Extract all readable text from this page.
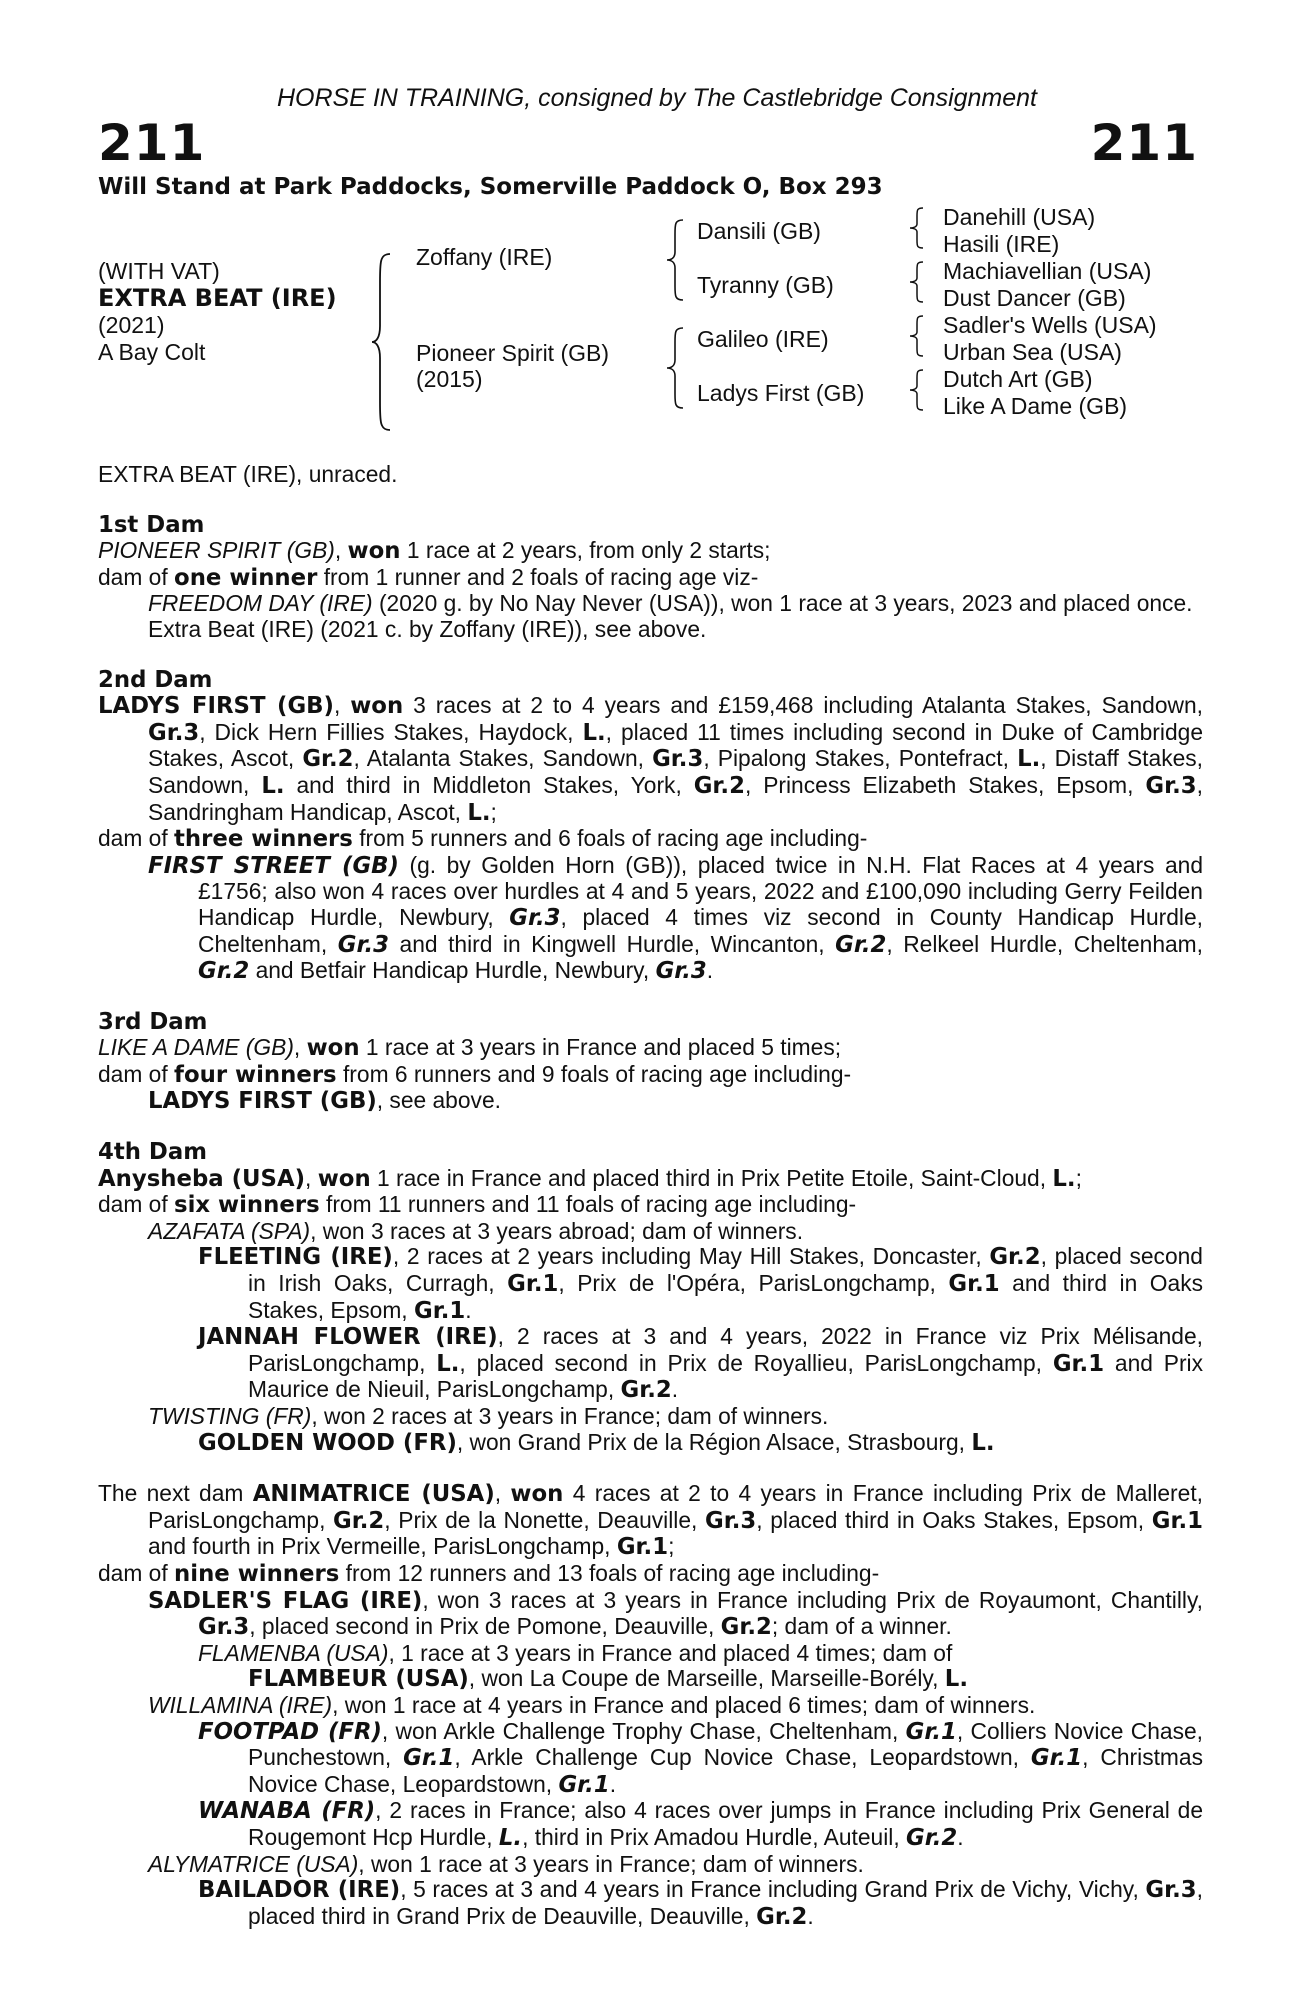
HORSE IN TRAINING, consigned by The Castlebridge Consignment
211	211
Will Stand at Park Paddocks, Somerville Paddock O, Box 293
(WITH VAT)
EXTRA BEAT (IRE)
(2021)
A Bay Colt
Zoffany (IRE)
Pioneer Spirit (GB)
(2015)
Dansili (GB)
Tyranny (GB)
Galileo (IRE)
Ladys First (GB)
Danehill (USA)
Hasili (IRE)
Machiavellian (USA)
Dust Dancer (GB)
Sadler's Wells (USA)
Urban Sea (USA)
Dutch Art (GB)
Like A Dame (GB)

EXTRA BEAT (IRE), unraced.

1st Dam

PIONEER SPIRIT (GB), won 1 race at 2 years, from only 2 starts;

dam of one winner from 1 runner and 2 foals of racing age viz-

FREEDOM DAY (IRE) (2020 g. by No Nay Never (USA)), won 1 race at 3 years, 2023 and placed once.

Extra Beat (IRE) (2021 c. by Zoffany (IRE)), see above.

2nd Dam

LADYS FIRST (GB), won 3 races at 2 to 4 years and £159,468 including Atalanta Stakes, Sandown, Gr.3, Dick Hern Fillies Stakes, Haydock, L., placed 11 times including second in Duke of Cambridge Stakes, Ascot, Gr.2, Atalanta Stakes, Sandown, Gr.3, Pipalong Stakes, Pontefract, L., Distaff Stakes, Sandown, L. and third in Middleton Stakes, York, Gr.2, Princess Elizabeth Stakes, Epsom, Gr.3, Sandringham Handicap, Ascot, L.;

dam of three winners from 5 runners and 6 foals of racing age including-

FIRST STREET (GB) (g. by Golden Horn (GB)), placed twice in N.H. Flat Races at 4 years and £1756; also won 4 races over hurdles at 4 and 5 years, 2022 and £100,090 including Gerry Feilden Handicap Hurdle, Newbury, Gr.3, placed 4 times viz second in County Handicap Hurdle, Cheltenham, Gr.3 and third in Kingwell Hurdle, Wincanton, Gr.2, Relkeel Hurdle, Cheltenham, Gr.2 and Betfair Handicap Hurdle, Newbury, Gr.3.

3rd Dam

LIKE A DAME (GB), won 1 race at 3 years in France and placed 5 times;

dam of four winners from 6 runners and 9 foals of racing age including-

LADYS FIRST (GB), see above.

4th Dam

Anysheba (USA), won 1 race in France and placed third in Prix Petite Etoile, Saint-Cloud, L.;

dam of six winners from 11 runners and 11 foals of racing age including-

AZAFATA (SPA), won 3 races at 3 years abroad; dam of winners.

FLEETING (IRE), 2 races at 2 years including May Hill Stakes, Doncaster, Gr.2, placed second in Irish Oaks, Curragh, Gr.1, Prix de l'Opéra, ParisLongchamp, Gr.1 and third in Oaks Stakes, Epsom, Gr.1.

JANNAH FLOWER (IRE), 2 races at 3 and 4 years, 2022 in France viz Prix Mélisande, ParisLongchamp, L., placed second in Prix de Royallieu, ParisLongchamp, Gr.1 and Prix Maurice de Nieuil, ParisLongchamp, Gr.2.

TWISTING (FR), won 2 races at 3 years in France; dam of winners.

GOLDEN WOOD (FR), won Grand Prix de la Région Alsace, Strasbourg, L.

The next dam ANIMATRICE (USA), won 4 races at 2 to 4 years in France including Prix de Malleret, ParisLongchamp, Gr.2, Prix de la Nonette, Deauville, Gr.3, placed third in Oaks Stakes, Epsom, Gr.1 and fourth in Prix Vermeille, ParisLongchamp, Gr.1;

dam of nine winners from 12 runners and 13 foals of racing age including-

SADLER'S FLAG (IRE), won 3 races at 3 years in France including Prix de Royaumont, Chantilly, Gr.3, placed second in Prix de Pomone, Deauville, Gr.2; dam of a winner.

FLAMENBA (USA), 1 race at 3 years in France and placed 4 times; dam of
FLAMBEUR (USA), won La Coupe de Marseille, Marseille-Borély, L.

WILLAMINA (IRE), won 1 race at 4 years in France and placed 6 times; dam of winners.

FOOTPAD (FR), won Arkle Challenge Trophy Chase, Cheltenham, Gr.1, Colliers Novice Chase, Punchestown, Gr.1, Arkle Challenge Cup Novice Chase, Leopardstown, Gr.1, Christmas Novice Chase, Leopardstown, Gr.1.

WANABA (FR), 2 races in France; also 4 races over jumps in France including Prix General de Rougemont Hcp Hurdle, L., third in Prix Amadou Hurdle, Auteuil, Gr.2.

ALYMATRICE (USA), won 1 race at 3 years in France; dam of winners.

BAILADOR (IRE), 5 races at 3 and 4 years in France including Grand Prix de Vichy, Vichy, Gr.3, placed third in Grand Prix de Deauville, Deauville, Gr.2.
